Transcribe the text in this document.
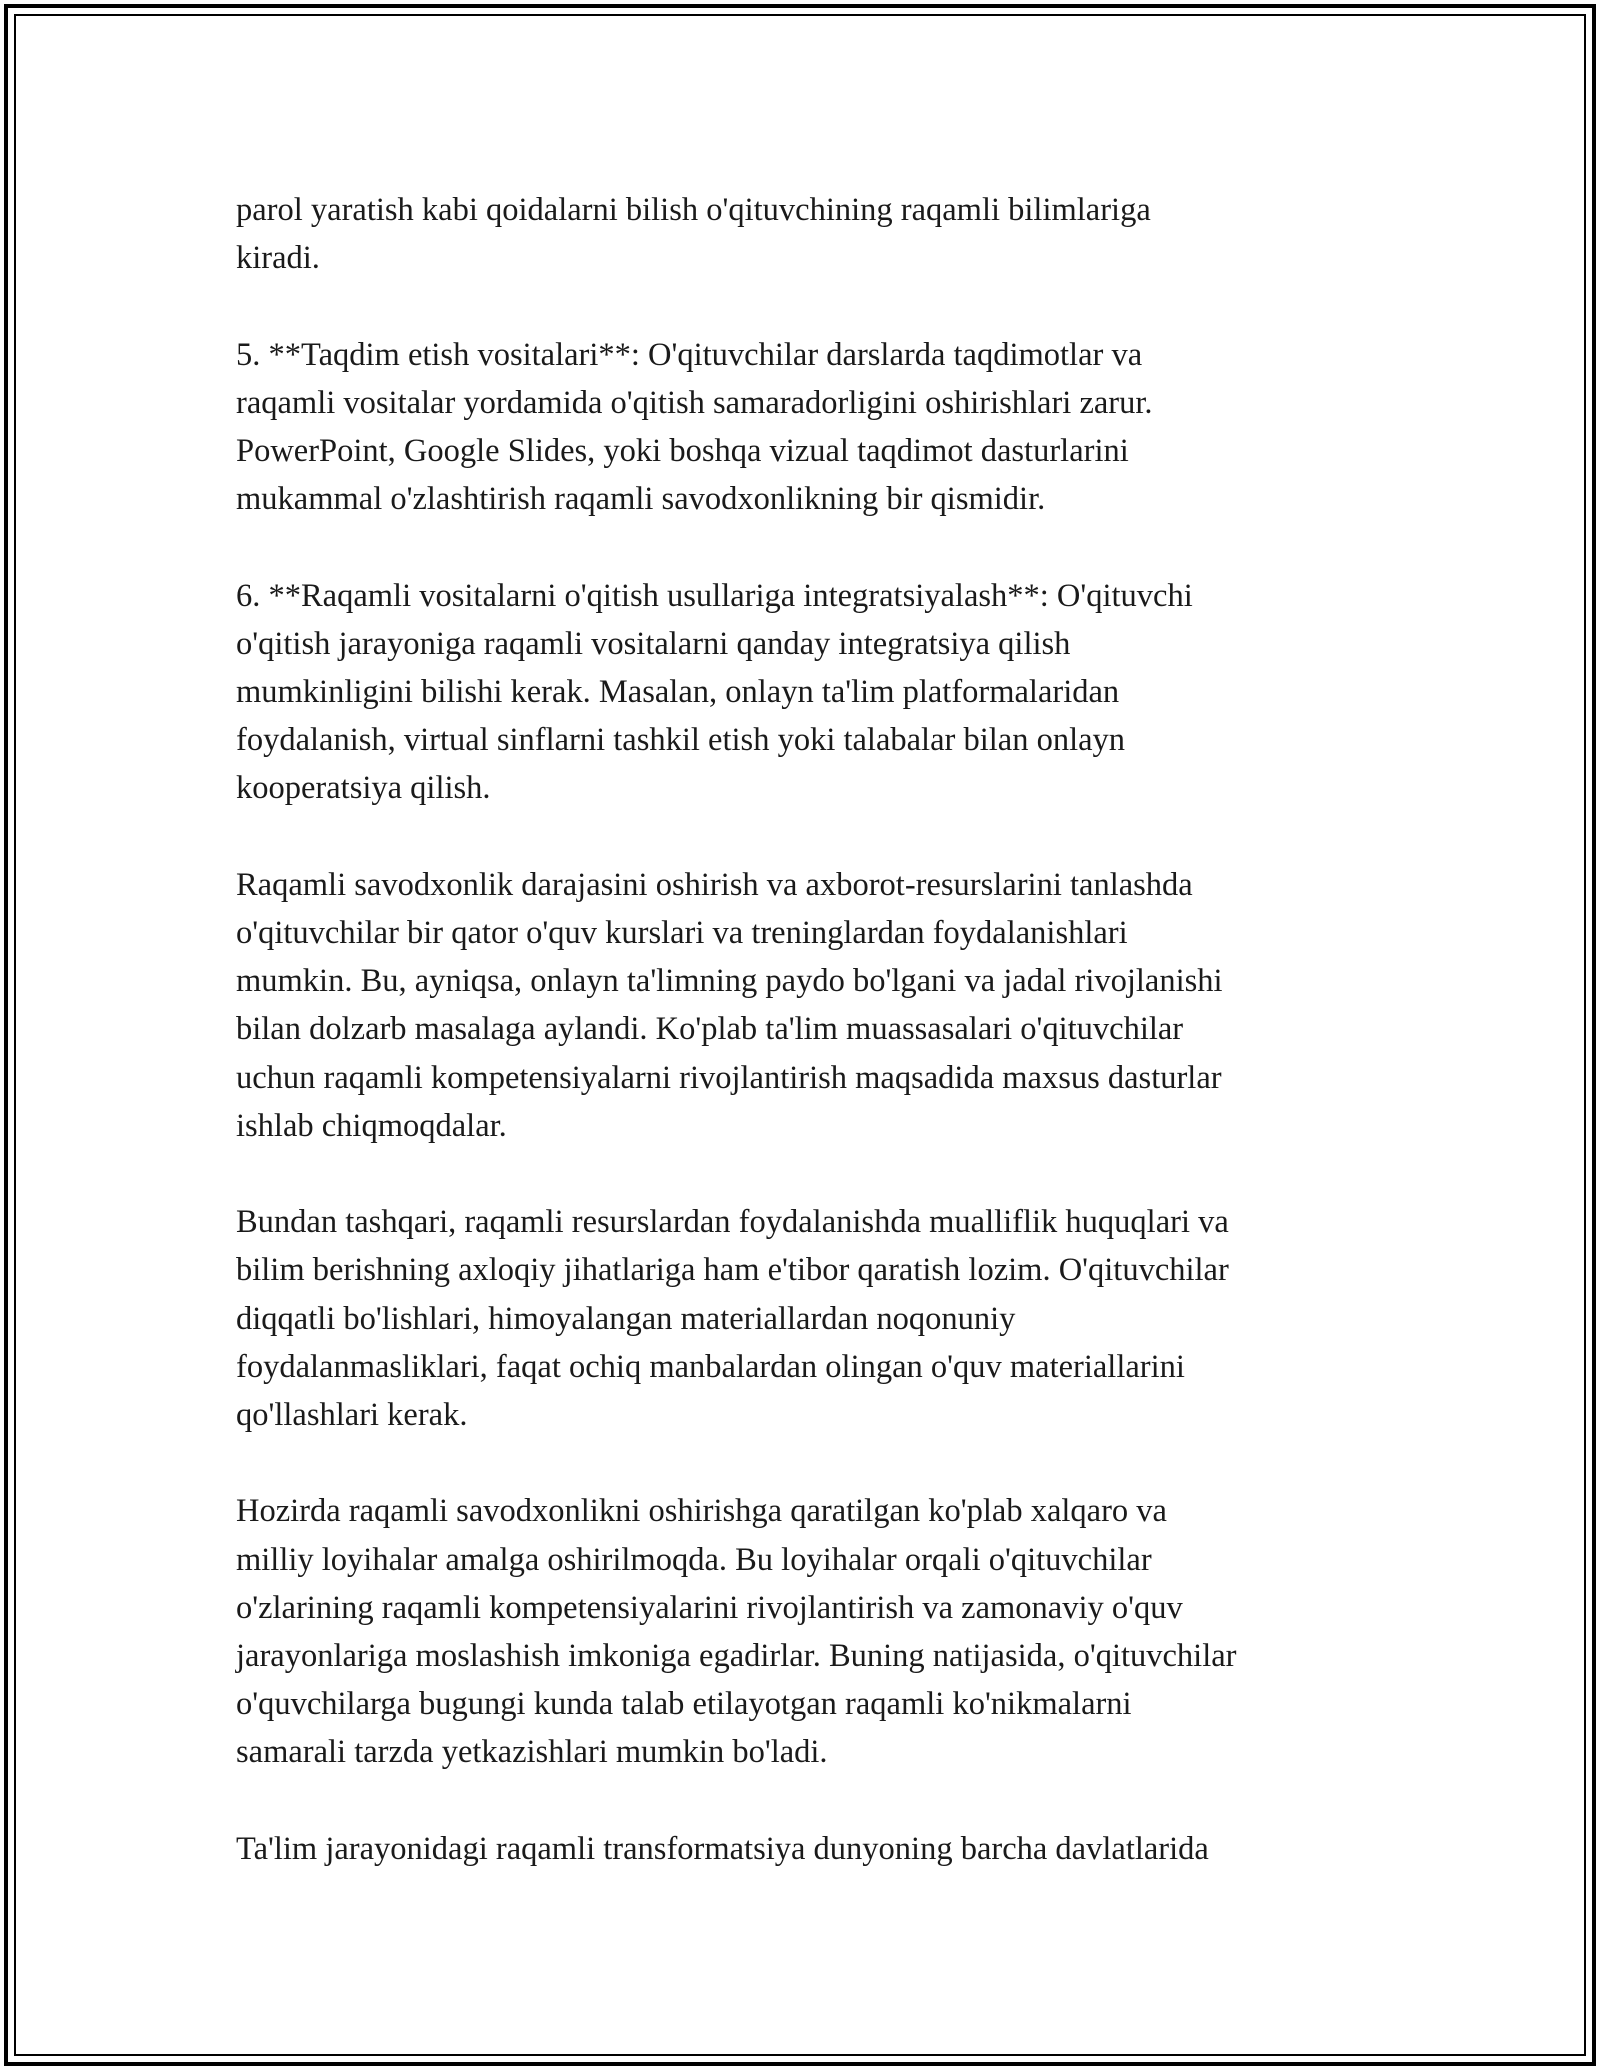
parol yaratish kabi qoidalarni bilish o'qituvchining raqamli bilimlariga
kiradi.

5. **Taqdim etish vositalari**: O'qituvchilar darslarda taqdimotlar va
raqamli vositalar yordamida o'qitish samaradorligini oshirishlari zarur.
PowerPoint, Google Slides, yoki boshqa vizual taqdimot dasturlarini
mukammal o'zlashtirish raqamli savodxonlikning bir qismidir.

6. **Raqamli vositalarni o'qitish usullariga integratsiyalash**: O'qituvchi
o'qitish jarayoniga raqamli vositalarni qanday integratsiya qilish
mumkinligini bilishi kerak. Masalan, onlayn ta'lim platformalaridan
foydalanish, virtual sinflarni tashkil etish yoki talabalar bilan onlayn
kooperatsiya qilish.

Raqamli savodxonlik darajasini oshirish va axborot-resurslarini tanlashda
o'qituvchilar bir qator o'quv kurslari va treninglardan foydalanishlari
mumkin. Bu, ayniqsa, onlayn ta'limning paydo bo'lgani va jadal rivojlanishi
bilan dolzarb masalaga aylandi. Ko'plab ta'lim muassasalari o'qituvchilar
uchun raqamli kompetensiyalarni rivojlantirish maqsadida maxsus dasturlar
ishlab chiqmoqdalar.

Bundan tashqari, raqamli resurslardan foydalanishda mualliflik huquqlari va
bilim berishning axloqiy jihatlariga ham e'tibor qaratish lozim. O'qituvchilar
diqqatli bo'lishlari, himoyalangan materiallardan noqonuniy
foydalanmasliklari, faqat ochiq manbalardan olingan o'quv materiallarini
qo'llashlari kerak.

Hozirda raqamli savodxonlikni oshirishga qaratilgan ko'plab xalqaro va
milliy loyihalar amalga oshirilmoqda. Bu loyihalar orqali o'qituvchilar
o'zlarining raqamli kompetensiyalarini rivojlantirish va zamonaviy o'quv
jarayonlariga moslashish imkoniga egadirlar. Buning natijasida, o'qituvchilar
o'quvchilarga bugungi kunda talab etilayotgan raqamli ko'nikmalarni
samarali tarzda yetkazishlari mumkin bo'ladi.

Ta'lim jarayonidagi raqamli transformatsiya dunyoning barcha davlatlarida
